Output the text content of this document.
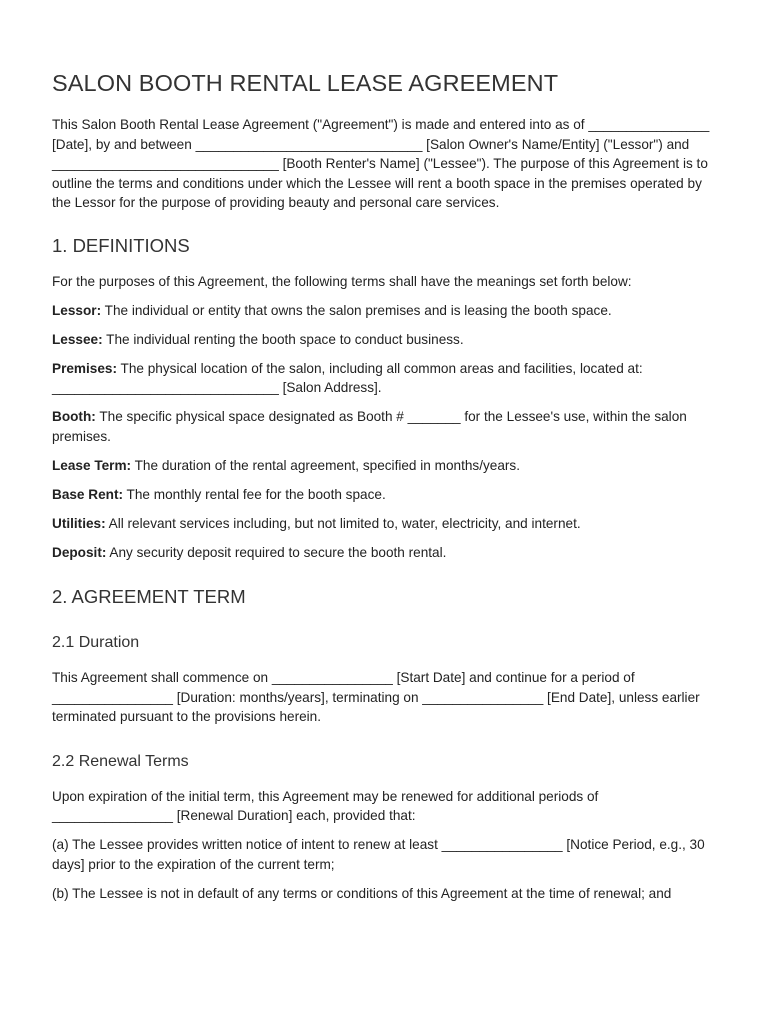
SALON BOOTH RENTAL LEASE AGREEMENT

This Salon Booth Rental Lease Agreement ("Agreement") is made and entered into as of ________________ [Date], by and between ______________________________ [Salon Owner's Name/Entity] ("Lessor") and ______________________________ [Booth Renter's Name] ("Lessee"). The purpose of this Agreement is to outline the terms and conditions under which the Lessee will rent a booth space in the premises operated by the Lessor for the purpose of providing beauty and personal care services.

1. DEFINITIONS

For the purposes of this Agreement, the following terms shall have the meanings set forth below:

Lessor: The individual or entity that owns the salon premises and is leasing the booth space.

Lessee: The individual renting the booth space to conduct business.

Premises: The physical location of the salon, including all common areas and facilities, located at: ______________________________ [Salon Address].

Booth: The specific physical space designated as Booth # _______ for the Lessee's use, within the salon premises.

Lease Term: The duration of the rental agreement, specified in months/years.

Base Rent: The monthly rental fee for the booth space.

Utilities: All relevant services including, but not limited to, water, electricity, and internet.

Deposit: Any security deposit required to secure the booth rental.

2. AGREEMENT TERM
2.1 Duration

This Agreement shall commence on ________________ [Start Date] and continue for a period of ________________ [Duration: months/years], terminating on ________________ [End Date], unless earlier terminated pursuant to the provisions herein.

2.2 Renewal Terms

Upon expiration of the initial term, this Agreement may be renewed for additional periods of ________________ [Renewal Duration] each, provided that:

(a) The Lessee provides written notice of intent to renew at least ________________ [Notice Period, e.g., 30 days] prior to the expiration of the current term;

(b) The Lessee is not in default of any terms or conditions of this Agreement at the time of renewal; and
